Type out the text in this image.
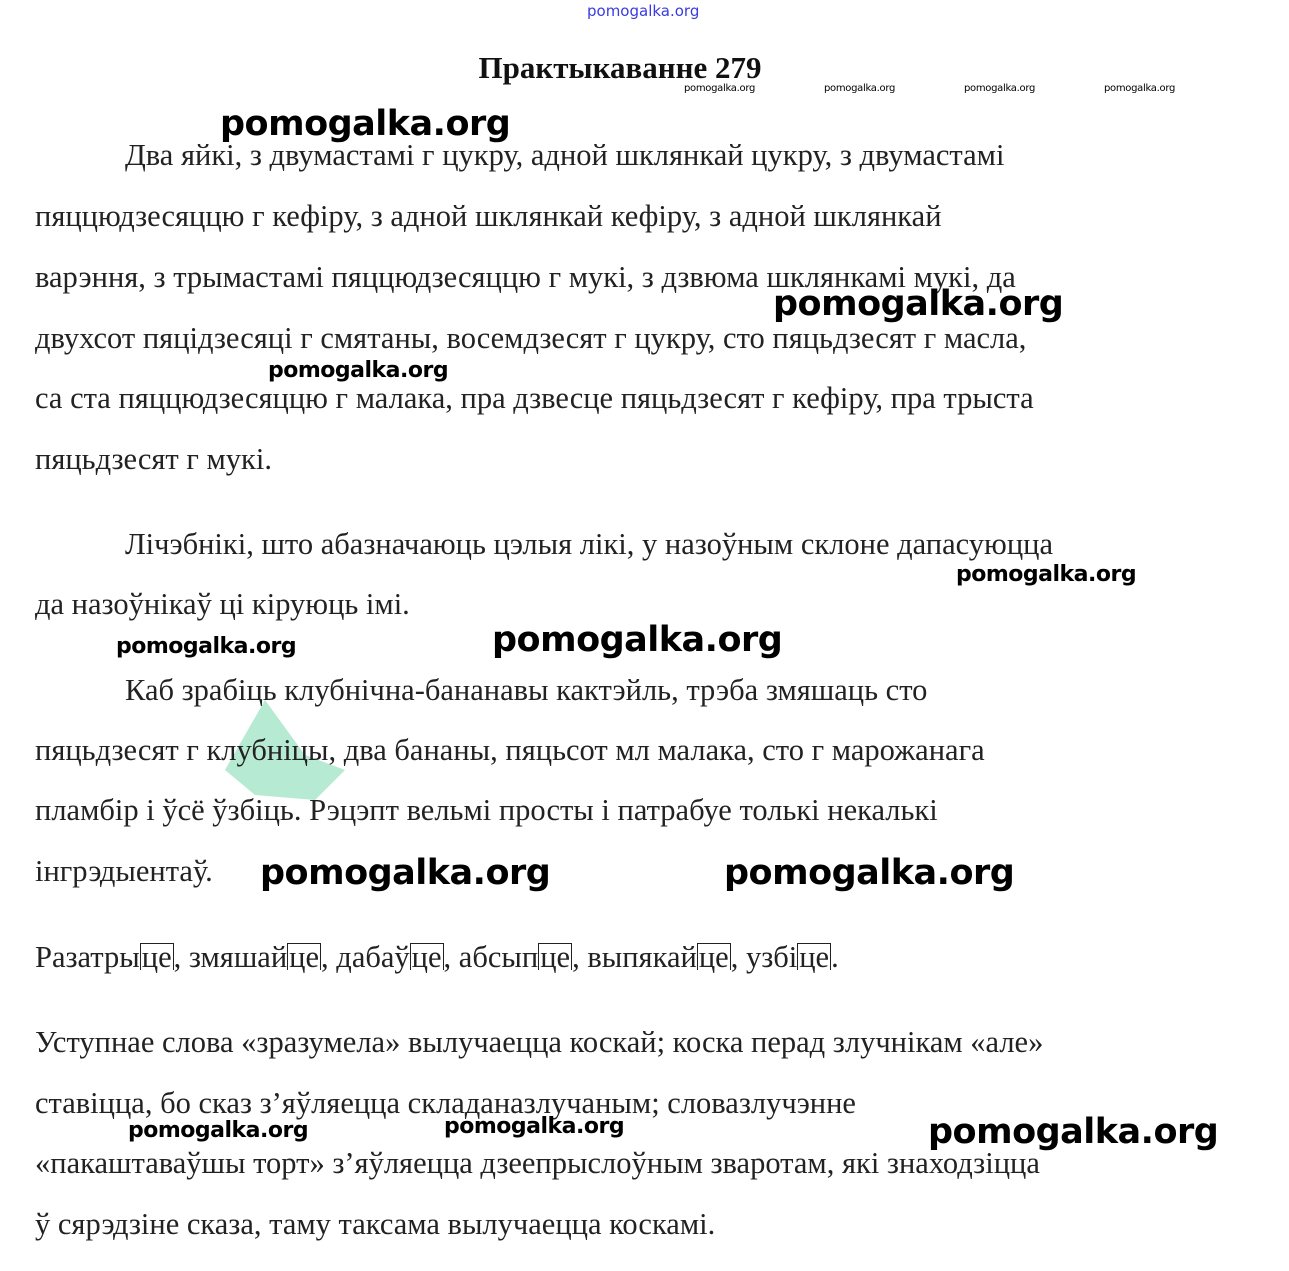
pomogalka.org
Практыкаванне 279
pomogalka.org	pomogalka.org	pomogalka.org	pomogalka.org
Два яйкі, з двумастамі г цукру, адной шклянкай цукру, з двумастамі
пяццюдзесяццю г кефіру, з адной шклянкай кефіру, з адной шклянкай
варэння, з трымастамі пяццюдзесяццю г мукі, з дзвюма шклянкамі мукі, да
двухсот пяцідзесяці г смятаны, восемдзесят г цукру, сто пяцьдзесят г масла,
са ста пяццюдзесяццю г малака, пра дзвесце пяцьдзесят г кефіру, пра трыста
пяцьдзесят г мукі.
Лічэбнікі, што абазначаюць цэлыя лікі, у назоўным склоне дапасуюцца
да назоўнікаў ці кіруюць імі.
Каб зрабіць клубнічна-бананавы кактэйль, трэба змяшаць сто
пяцьдзесят г клубніцы, два бананы, пяцьсот мл малака, сто г марожанага
пламбір і ўсё ўзбіць. Рэцэпт вельмі просты і патрабуе толькі некалькі
інгрэдыентаў.
Разатрыце, змяшайце, дабаўце, абсыпце, выпякайце, узбіце.
Уступнае слова «зразумела» вылучаецца коскай; коска перад злучнікам «але»
ставіцца, бо сказ з’яўляецца складаназлучаным; словазлучэнне
«пакаштаваўшы торт» з’яўляецца дзеепрыслоўным зваротам, які знаходзіцца
ў сярэдзіне сказа, таму таксама вылучаецца коскамі.
pomogalka.org
pomogalka.org
pomogalka.org
pomogalka.org
pomogalka.org	pomogalka.org
pomogalka.org	pomogalka.org
pomogalka.org	pomogalka.org	pomogalka.org
